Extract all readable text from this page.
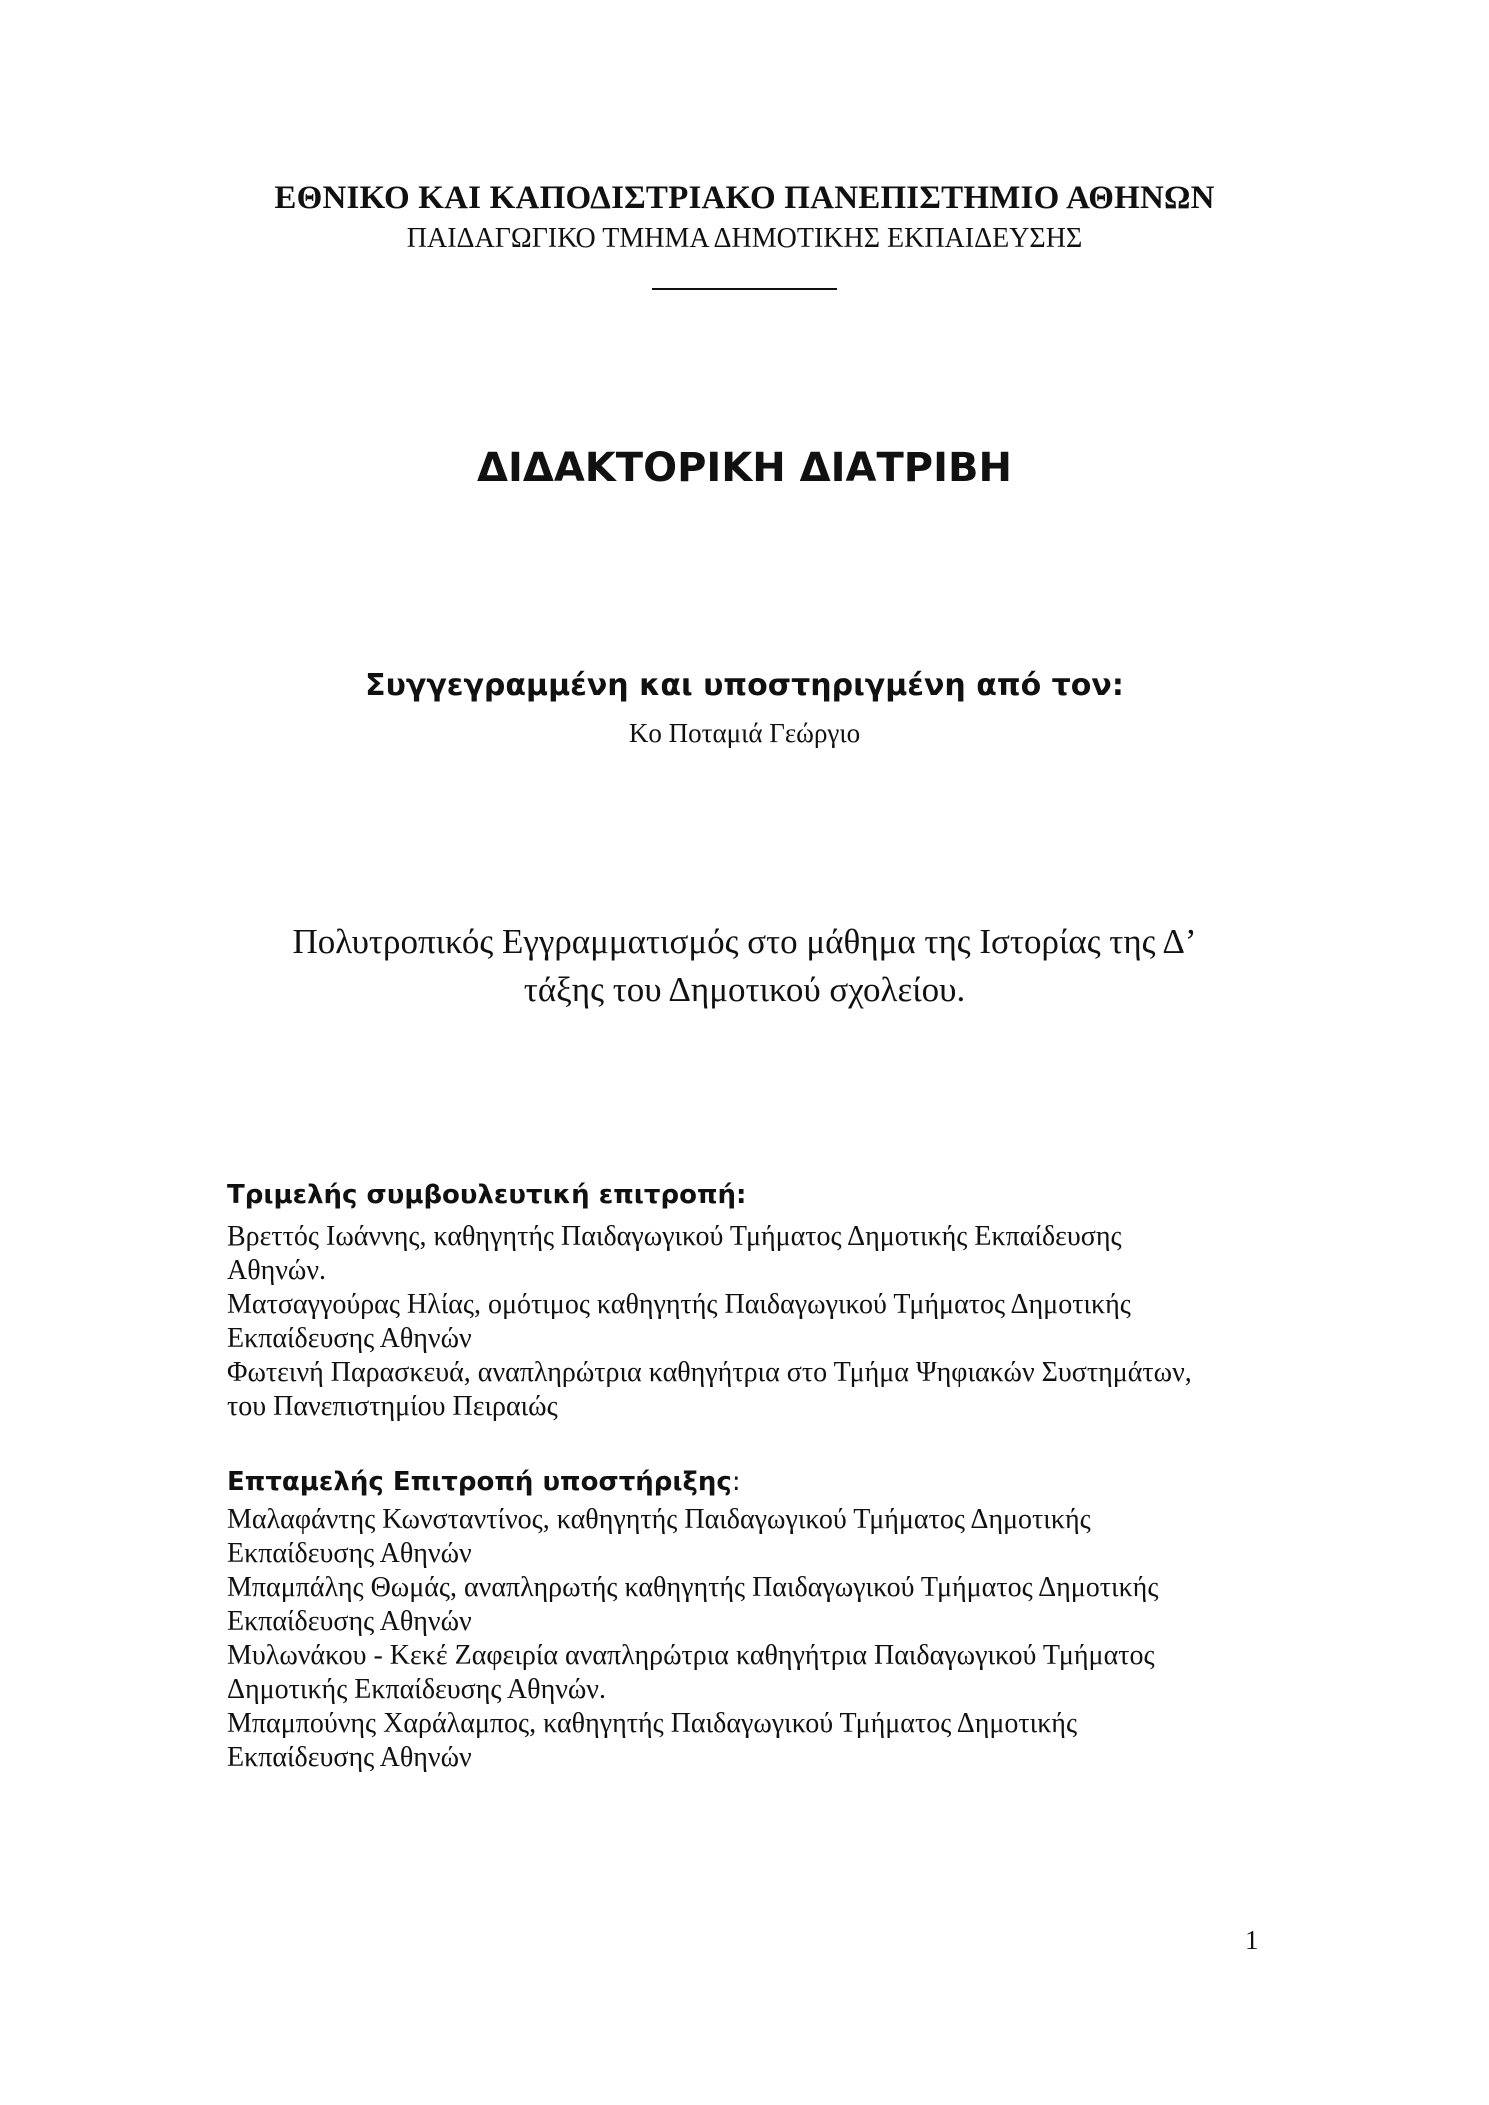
ΕΘΝΙΚΟ ΚΑΙ ΚΑΠΟΔΙΣΤΡΙΑΚΟ ΠΑΝΕΠΙΣΤΗΜΙΟ ΑΘΗΝΩΝ
ΠΑΙΔΑΓΩΓΙΚΟ ΤΜΗΜΑ ΔΗΜΟΤΙΚΗΣ ΕΚΠΑΙΔΕΥΣΗΣ
ΔΙΔΑΚΤΟΡΙΚΗ ΔΙΑΤΡΙΒΗ
Συγγεγραμμένη και υποστηριγμένη από τον:
Κο Ποταμιά Γεώργιο
Πολυτροπικός Εγγραμματισμός στο μάθημα της Ιστορίας της Δ’
τάξης του Δημοτικού σχολείου.
Τριμελής συμβουλευτική επιτροπή:
Βρεττός Ιωάννης, καθηγητής Παιδαγωγικού Τμήματος Δημοτικής Εκπαίδευσης
Αθηνών.
Ματσαγγούρας Ηλίας, ομότιμος καθηγητής Παιδαγωγικού Τμήματος Δημοτικής
Εκπαίδευσης Αθηνών
Φωτεινή Παρασκευά, αναπληρώτρια καθηγήτρια στο Τμήμα Ψηφιακών Συστημάτων,
του Πανεπιστημίου Πειραιώς
Επταμελής Επιτροπή υποστήριξης:
Μαλαφάντης Κωνσταντίνος, καθηγητής Παιδαγωγικού Τμήματος Δημοτικής
Εκπαίδευσης Αθηνών
Μπαμπάλης Θωμάς, αναπληρωτής καθηγητής Παιδαγωγικού Τμήματος Δημοτικής
Εκπαίδευσης Αθηνών
Μυλωνάκου - Κεκέ Ζαφειρία αναπληρώτρια καθηγήτρια Παιδαγωγικού Τμήματος
Δημοτικής Εκπαίδευσης Αθηνών.
Μπαμπούνης Χαράλαμπος, καθηγητής Παιδαγωγικού Τμήματος Δημοτικής
Εκπαίδευσης Αθηνών
1
